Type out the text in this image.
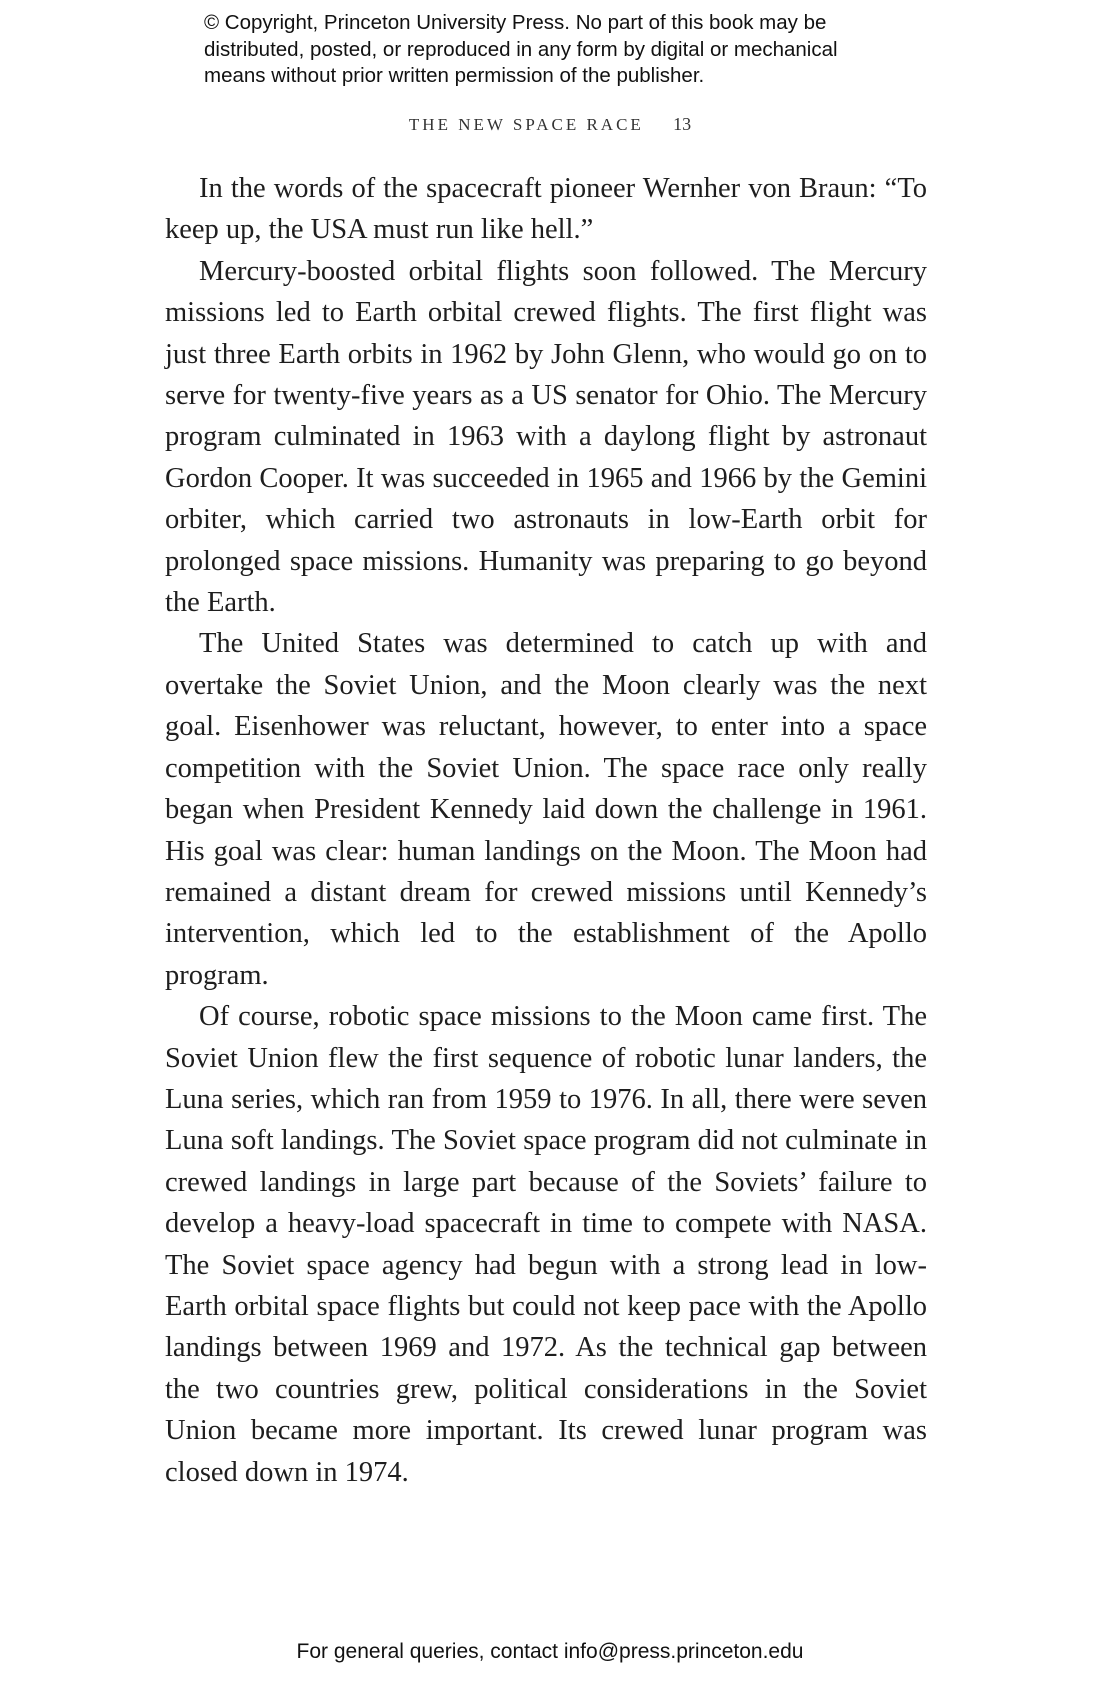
© Copyright, Princeton University Press. No part of this book may be
distributed, posted, or reproduced in any form by digital or mechanical
means without prior written permission of the publisher.
THE NEW SPACE RACE 13

In the words of the spacecraft pioneer Wernher von Braun: “To keep up, the USA must run like hell.”

Mercury-boosted orbital flights soon followed. The Mercury missions led to Earth orbital crewed flights. The first flight was just three Earth orbits in 1962 by John Glenn, who would go on to serve for twenty-five years as a US senator for Ohio. The Mercury program culminated in 1963 with a daylong flight by astronaut Gordon Cooper. It was succeeded in 1965 and 1966 by the Gemini orbiter, which carried two astronauts in low-Earth orbit for prolonged space missions. Humanity was preparing to go beyond the Earth.

The United States was determined to catch up with and overtake the Soviet Union, and the Moon clearly was the next goal. Eisenhower was reluctant, however, to enter into a space competition with the Soviet Union. The space race only really began when President Kennedy laid down the challenge in 1961. His goal was clear: human landings on the Moon. The Moon had remained a distant dream for crewed missions until Kennedy’s intervention, which led to the establishment of the Apollo program.

Of course, robotic space missions to the Moon came first. The Soviet Union flew the first sequence of robotic lunar landers, the Luna series, which ran from 1959 to 1976. In all, there were seven Luna soft landings. The Soviet space program did not culminate in crewed landings in large part because of the Soviets’ failure to develop a heavy-load spacecraft in time to compete with NASA. The Soviet space agency had begun with a strong lead in low-Earth orbital space flights but could not keep pace with the Apollo landings between 1969 and 1972. As the technical gap between the two countries grew, political considerations in the Soviet Union became more important. Its crewed lunar program was closed down in 1974.

For general queries, contact info@press.princeton.edu
